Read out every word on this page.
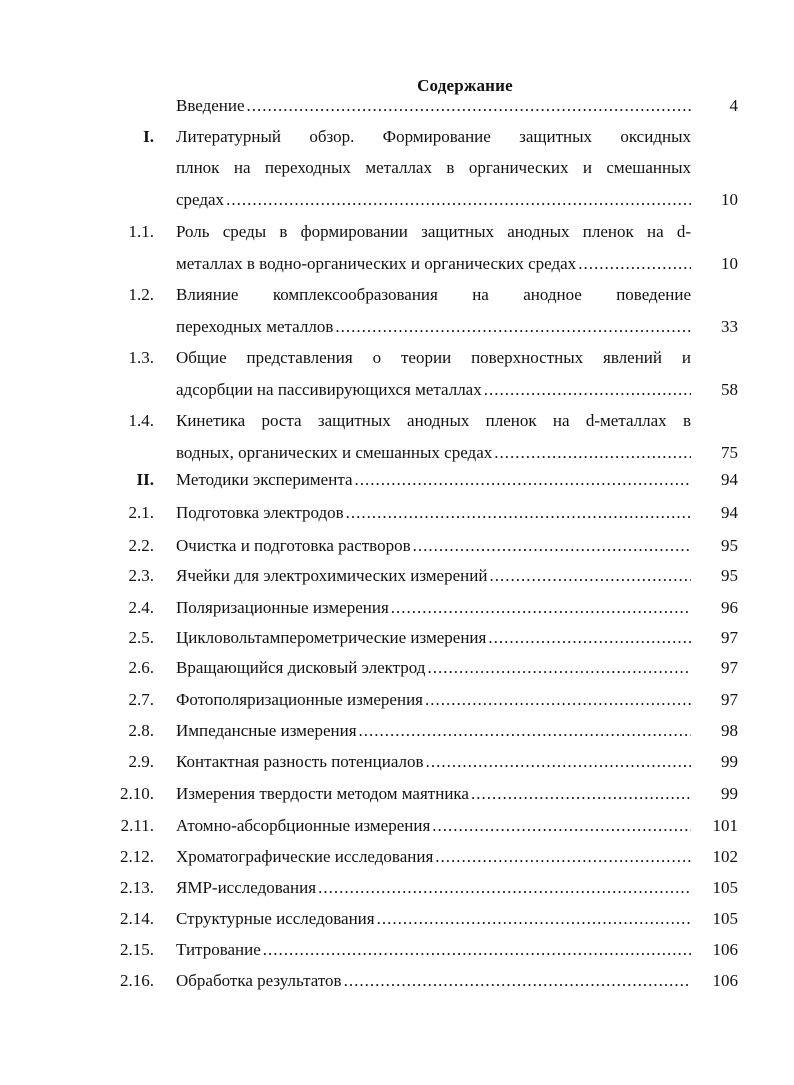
Содержание
Введение .....	4
I. Литературный обзор. Формирование защитных оксидных
плнок на переходных металлах в органических и смешанных
средах .....	10
1.1. Роль среды в формировании защитных анодных пленок на d-
металлах в водно-органических и органических средах .....	10
1.2. Влияние комплексообразования на анодное поведение
переходных металлов .....	33
1.3. Общие представления о теории поверхностных явлений и
адсорбции на пассивирующихся металлах .....	58
1.4. Кинетика роста защитных анодных пленок на d-металлах в
водных, органических и смешанных средах .....	75
II. Методики эксперимента .....	94
2.1. Подготовка электродов .....	94
2.2. Очистка и подготовка растворов .....	95
2.3. Ячейки для электрохимических измерений .....	95
2.4. Поляризационные измерения .....	96
2.5. Цикловольтамперометрические измерения .....	97
2.6. Вращающийся дисковый электрод .....	97
2.7. Фотополяризационные измерения .....	97
2.8. Импедансные измерения .....	98
2.9. Контактная разность потенциалов .....	99
2.10. Измерения твердости методом маятника .....	99
2.11. Атомно-абсорбционные измерения .....	101
2.12. Хроматографические исследования .....	102
2.13. ЯМР-исследования .....	105
2.14. Структурные исследования .....	105
2.15. Титрование .....	106
2.16. Обработка результатов .....	106
